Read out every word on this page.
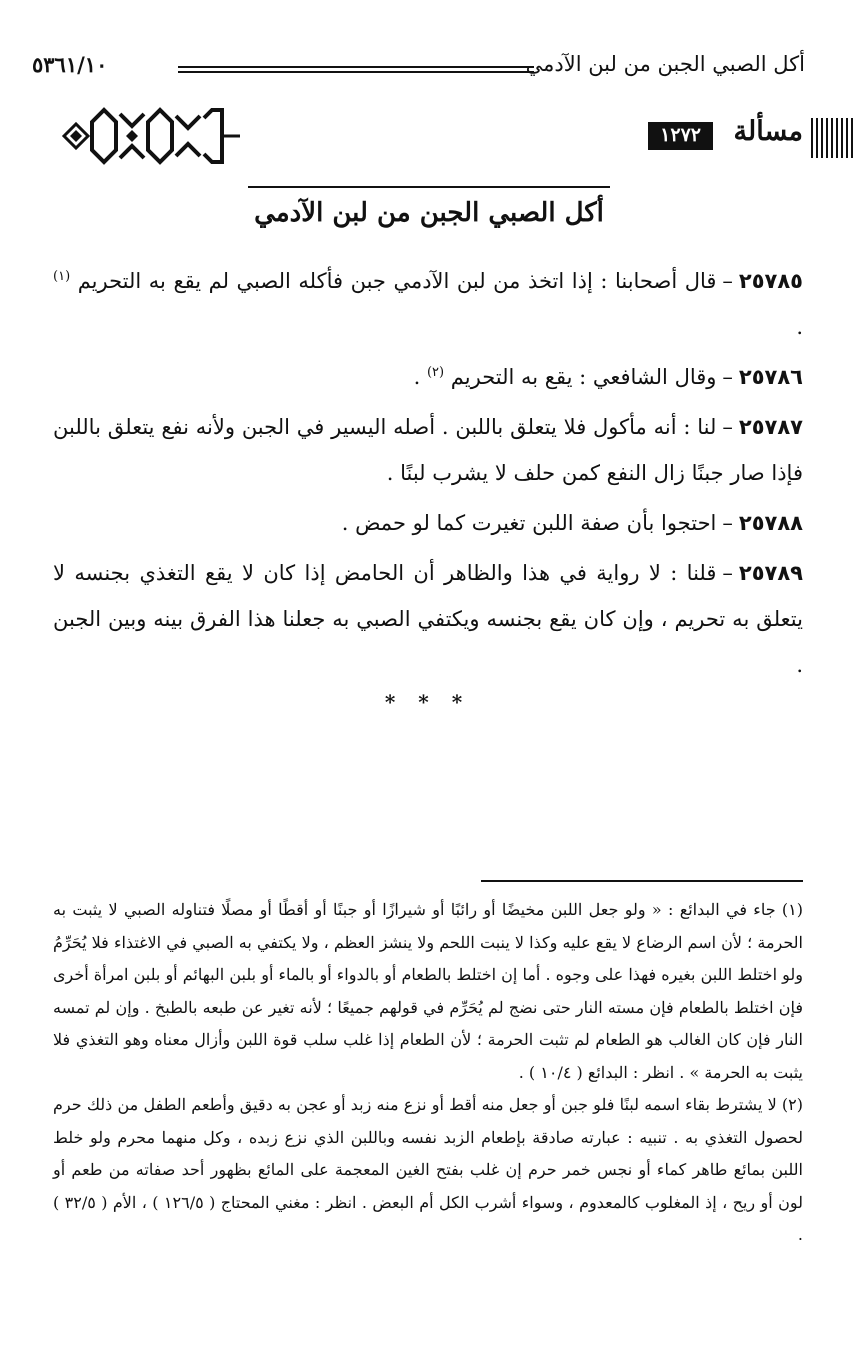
أكل الصبي الجبن من لبن الآدمي
٥٣٦١/١٠
مسألة
١٢٧٢
أكل الصبي الجبن من لبن الآدمي

٢٥٧٨٥–قال أصحابنا : إذا اتخذ من لبن الآدمي جبن فأكله الصبي لم يقع به التحريم $^{(١)}$ .

٢٥٧٨٦–وقال الشافعي : يقع به التحريم $^{(٢)}$ .

٢٥٧٨٧–لنا : أنه مأكول فلا يتعلق باللبن . أصله اليسير في الجبن ولأنه نفع يتعلق باللبن فإذا صار جبنًا زال النفع كمن حلف لا يشرب لبنًا .

٢٥٧٨٨–احتجوا بأن صفة اللبن تغيرت كما لو حمض .

٢٥٧٨٩–قلنا : لا رواية في هذا والظاهر أن الحامض إذا كان لا يقع التغذي بجنسه لا يتعلق به تحريم ، وإن كان يقع بجنسه ويكتفي الصبي به جعلنا هذا الفرق بينه وبين الجبن .

* * *

(١) جاء في البدائع : « ولو جعل اللبن مخيضًا أو رائبًا أو شيرازًا أو جبنًا أو أقطًا أو مصلًا فتناوله الصبي لا يثبت به الحرمة ؛ لأن اسم الرضاع لا يقع عليه وكذا لا ينبت اللحم ولا ينشز العظم ، ولا يكتفي به الصبي في الاغتذاء فلا يُحَرِّمُ ولو اختلط اللبن بغيره فهذا على وجوه . أما إن اختلط بالطعام أو بالدواء أو بالماء أو بلبن البهائم أو بلبن امرأة أخرى فإن اختلط بالطعام فإن مسته النار حتى نضج لم يُحَرِّم في قولهم جميعًا ؛ لأنه تغير عن طبعه بالطبخ . وإن لم تمسه النار فإن كان الغالب هو الطعام لم تثبت الحرمة ؛ لأن الطعام إذا غلب سلب قوة اللبن وأزال معناه وهو التغذي فلا يثبت به الحرمة » . انظر : البدائع ( ١٠/٤ ) .

(٢) لا يشترط بقاء اسمه لبنًا فلو جبن أو جعل منه أقط أو نزع منه زبد أو عجن به دقيق وأطعم الطفل من ذلك حرم لحصول التغذي به . تنبيه : عبارته صادقة بإطعام الزبد نفسه وباللبن الذي نزع زبده ، وكل منهما محرم ولو خلط اللبن بمائع طاهر كماء أو نجس خمر حرم إن غلب بفتح الغين المعجمة على المائع بظهور أحد صفاته من طعم أو لون أو ريح ، إذ المغلوب كالمعدوم ، وسواء أشرب الكل أم البعض . انظر : مغني المحتاج ( ١٢٦/٥ ) ، الأم ( ٣٢/٥ ) .
